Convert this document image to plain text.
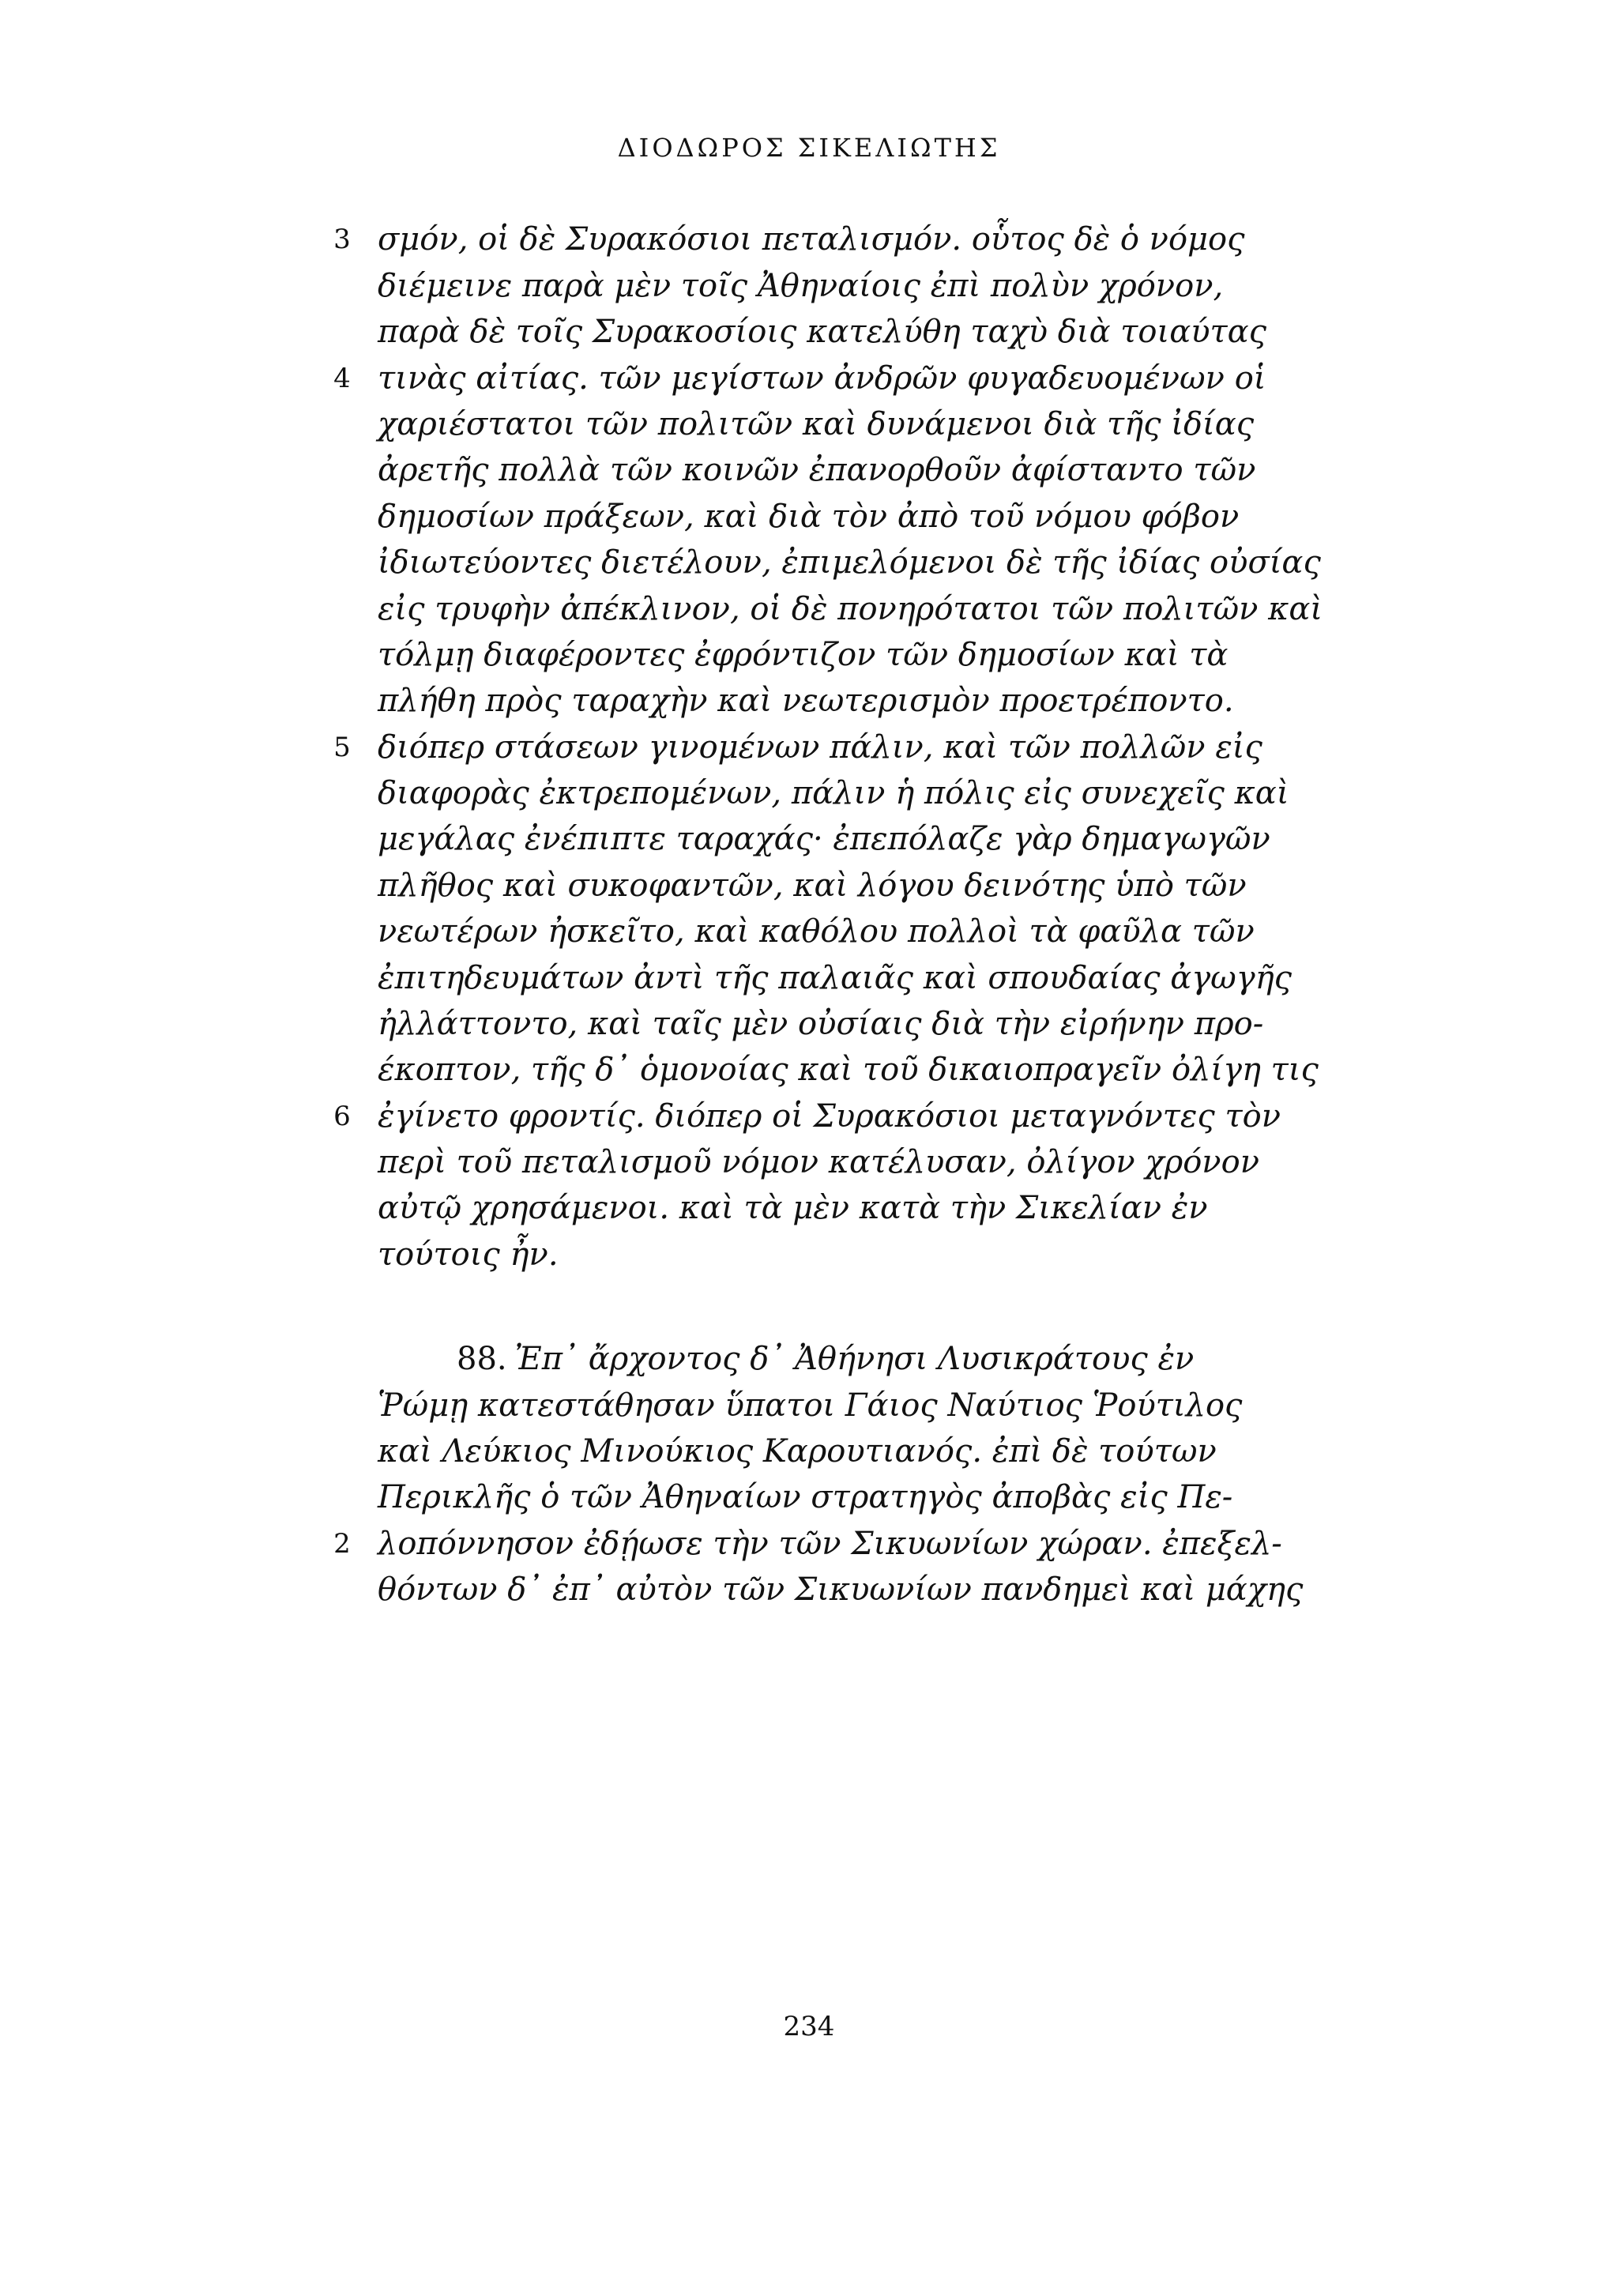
ΔΙΟΔΩΡΟΣ ΣΙΚΕΛΙΩΤΗΣ
3 σμόν, οἱ δὲ Συρακόσιοι πεταλισμόν. οὗτος δὲ ὁ νόμος
διέμεινε παρὰ μὲν τοῖς Ἀθηναίοις ἐπὶ πολὺν χρόνον,
παρὰ δὲ τοῖς Συρακοσίοις κατελύθη ταχὺ διὰ τοιαύτας
4 τινὰς αἰτίας. τῶν μεγίστων ἀνδρῶν φυγαδευομένων οἱ
χαριέστατοι τῶν πολιτῶν καὶ δυνάμενοι διὰ τῆς ἰδίας
ἀρετῆς πολλὰ τῶν κοινῶν ἐπανορθοῦν ἀφίσταντο τῶν
δημοσίων πράξεων, καὶ διὰ τὸν ἀπὸ τοῦ νόμου φόβον
ἰδιωτεύοντες διετέλουν, ἐπιμελόμενοι δὲ τῆς ἰδίας οὐσίας
εἰς τρυφὴν ἀπέκλινον, οἱ δὲ πονηρότατοι τῶν πολιτῶν καὶ
τόλμῃ διαφέροντες ἐφρόντιζον τῶν δημοσίων καὶ τὰ
πλήθη πρὸς ταραχὴν καὶ νεωτερισμὸν προετρέποντο.
5 διόπερ στάσεων γινομένων πάλιν, καὶ τῶν πολλῶν εἰς
διαφορὰς ἐκτρεπομένων, πάλιν ἡ πόλις εἰς συνεχεῖς καὶ
μεγάλας ἐνέπιπτε ταραχάς· ἐπεπόλαζε γὰρ δημαγωγῶν
πλῆθος καὶ συκοφαντῶν, καὶ λόγου δεινότης ὑπὸ τῶν
νεωτέρων ἠσκεῖτο, καὶ καθόλου πολλοὶ τὰ φαῦλα τῶν
ἐπιτηδευμάτων ἀντὶ τῆς παλαιᾶς καὶ σπουδαίας ἀγωγῆς
ἠλλάττοντο, καὶ ταῖς μὲν οὐσίαις διὰ τὴν εἰρήνην προ-
έκοπτον, τῆς δ᾽ ὁμονοίας καὶ τοῦ δικαιοπραγεῖν ὀλίγη τις
6 ἐγίνετο φροντίς. διόπερ οἱ Συρακόσιοι μεταγνόντες τὸν
περὶ τοῦ πεταλισμοῦ νόμον κατέλυσαν, ὀλίγον χρόνον
αὐτῷ χρησάμενοι. καὶ τὰ μὲν κατὰ τὴν Σικελίαν ἐν
τούτοις ἦν.
88. Ἐπ᾽ ἄρχοντος δ᾽ Ἀθήνησι Λυσικράτους ἐν
Ῥώμῃ κατεστάθησαν ὕπατοι Γάιος Ναύτιος Ῥούτιλος
καὶ Λεύκιος Μινούκιος Καρουτιανός. ἐπὶ δὲ τούτων
Περικλῆς ὁ τῶν Ἀθηναίων στρατηγὸς ἀποβὰς εἰς Πε-
2 λοπόννησον ἐδῄωσε τὴν τῶν Σικυωνίων χώραν. ἐπεξελ-
θόντων δ᾽ ἐπ᾽ αὐτὸν τῶν Σικυωνίων πανδημεὶ καὶ μάχης
234
